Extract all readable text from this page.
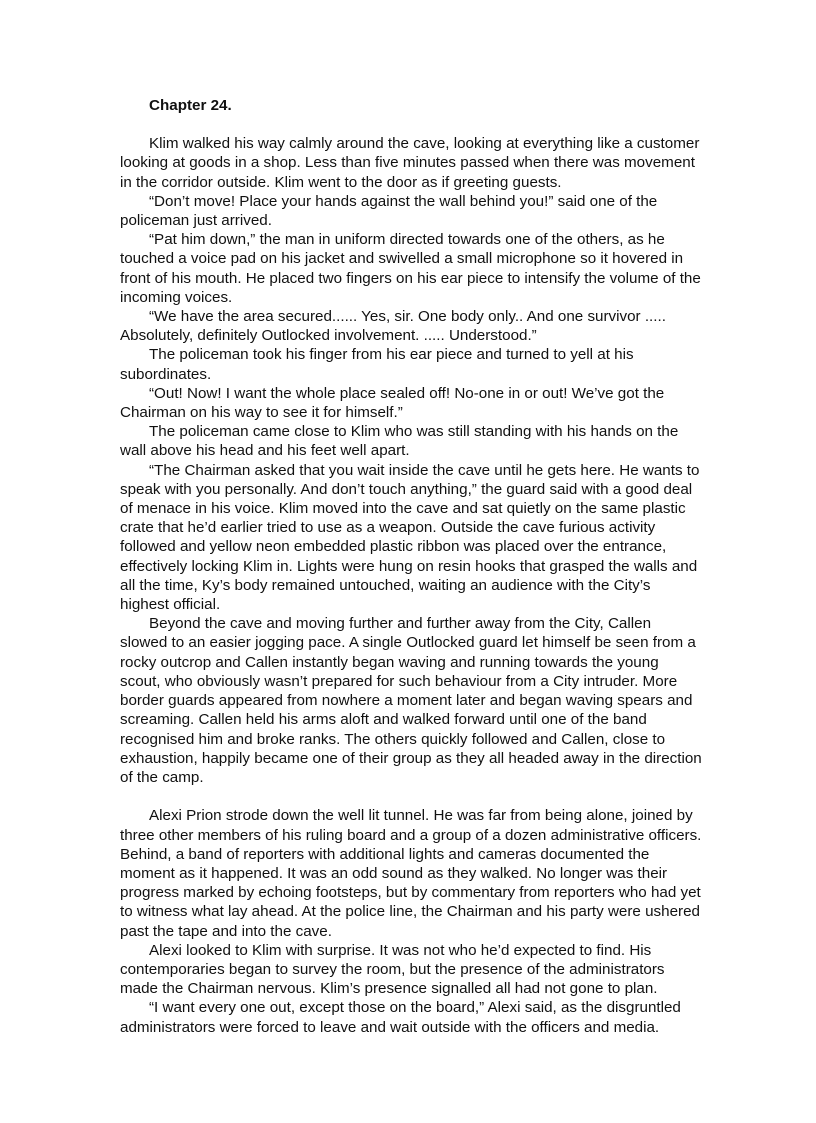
Chapter 24.

Klim walked his way calmly around the cave, looking at everything like a customer looking at goods in a shop. Less than five minutes passed when there was movement in the corridor outside. Klim went to the door as if greeting guests.

“Don’t move! Place your hands against the wall behind you!” said one of the policeman just arrived.

“Pat him down,” the man in uniform directed towards one of the others, as he touched a voice pad on his jacket and swivelled a small microphone so it hovered in front of his mouth. He placed two fingers on his ear piece to intensify the volume of the incoming voices.

“We have the area secured...... Yes, sir. One body only.. And one survivor ..... Absolutely, definitely Outlocked involvement. ..... Understood.”

The policeman took his finger from his ear piece and turned to yell at his subordinates.

“Out! Now! I want the whole place sealed off! No-one in or out! We’ve got the Chairman on his way to see it for himself.”

The policeman came close to Klim who was still standing with his hands on the wall above his head and his feet well apart.

“The Chairman asked that you wait inside the cave until he gets here. He wants to speak with you personally. And don’t touch anything,” the guard said with a good deal of menace in his voice. Klim moved into the cave and sat quietly on the same plastic crate that he’d earlier tried to use as a weapon. Outside the cave furious activity followed and yellow neon embedded plastic ribbon was placed over the entrance, effectively locking Klim in. Lights were hung on resin hooks that grasped the walls and all the time, Ky’s body remained untouched, waiting an audience with the City’s highest official.

Beyond the cave and moving further and further away from the City, Callen slowed to an easier jogging pace. A single Outlocked guard let himself be seen from a rocky outcrop and Callen instantly began waving and running towards the young scout, who obviously wasn’t prepared for such behaviour from a City intruder. More border guards appeared from nowhere a moment later and began waving spears and screaming. Callen held his arms aloft and walked forward until one of the band recognised him and broke ranks. The others quickly followed and Callen, close to exhaustion, happily became one of their group as they all headed away in the direction of the camp.

Alexi Prion strode down the well lit tunnel. He was far from being alone, joined by three other members of his ruling board and a group of a dozen administrative officers. Behind, a band of reporters with additional lights and cameras documented the moment as it happened. It was an odd sound as they walked. No longer was their progress marked by echoing footsteps, but by commentary from reporters who had yet to witness what lay ahead. At the police line, the Chairman and his party were ushered past the tape and into the cave.

Alexi looked to Klim with surprise. It was not who he’d expected to find. His contemporaries began to survey the room, but the presence of the administrators made the Chairman nervous. Klim’s presence signalled all had not gone to plan.

“I want every one out, except those on the board,” Alexi said, as the disgruntled administrators were forced to leave and wait outside with the officers and media.
